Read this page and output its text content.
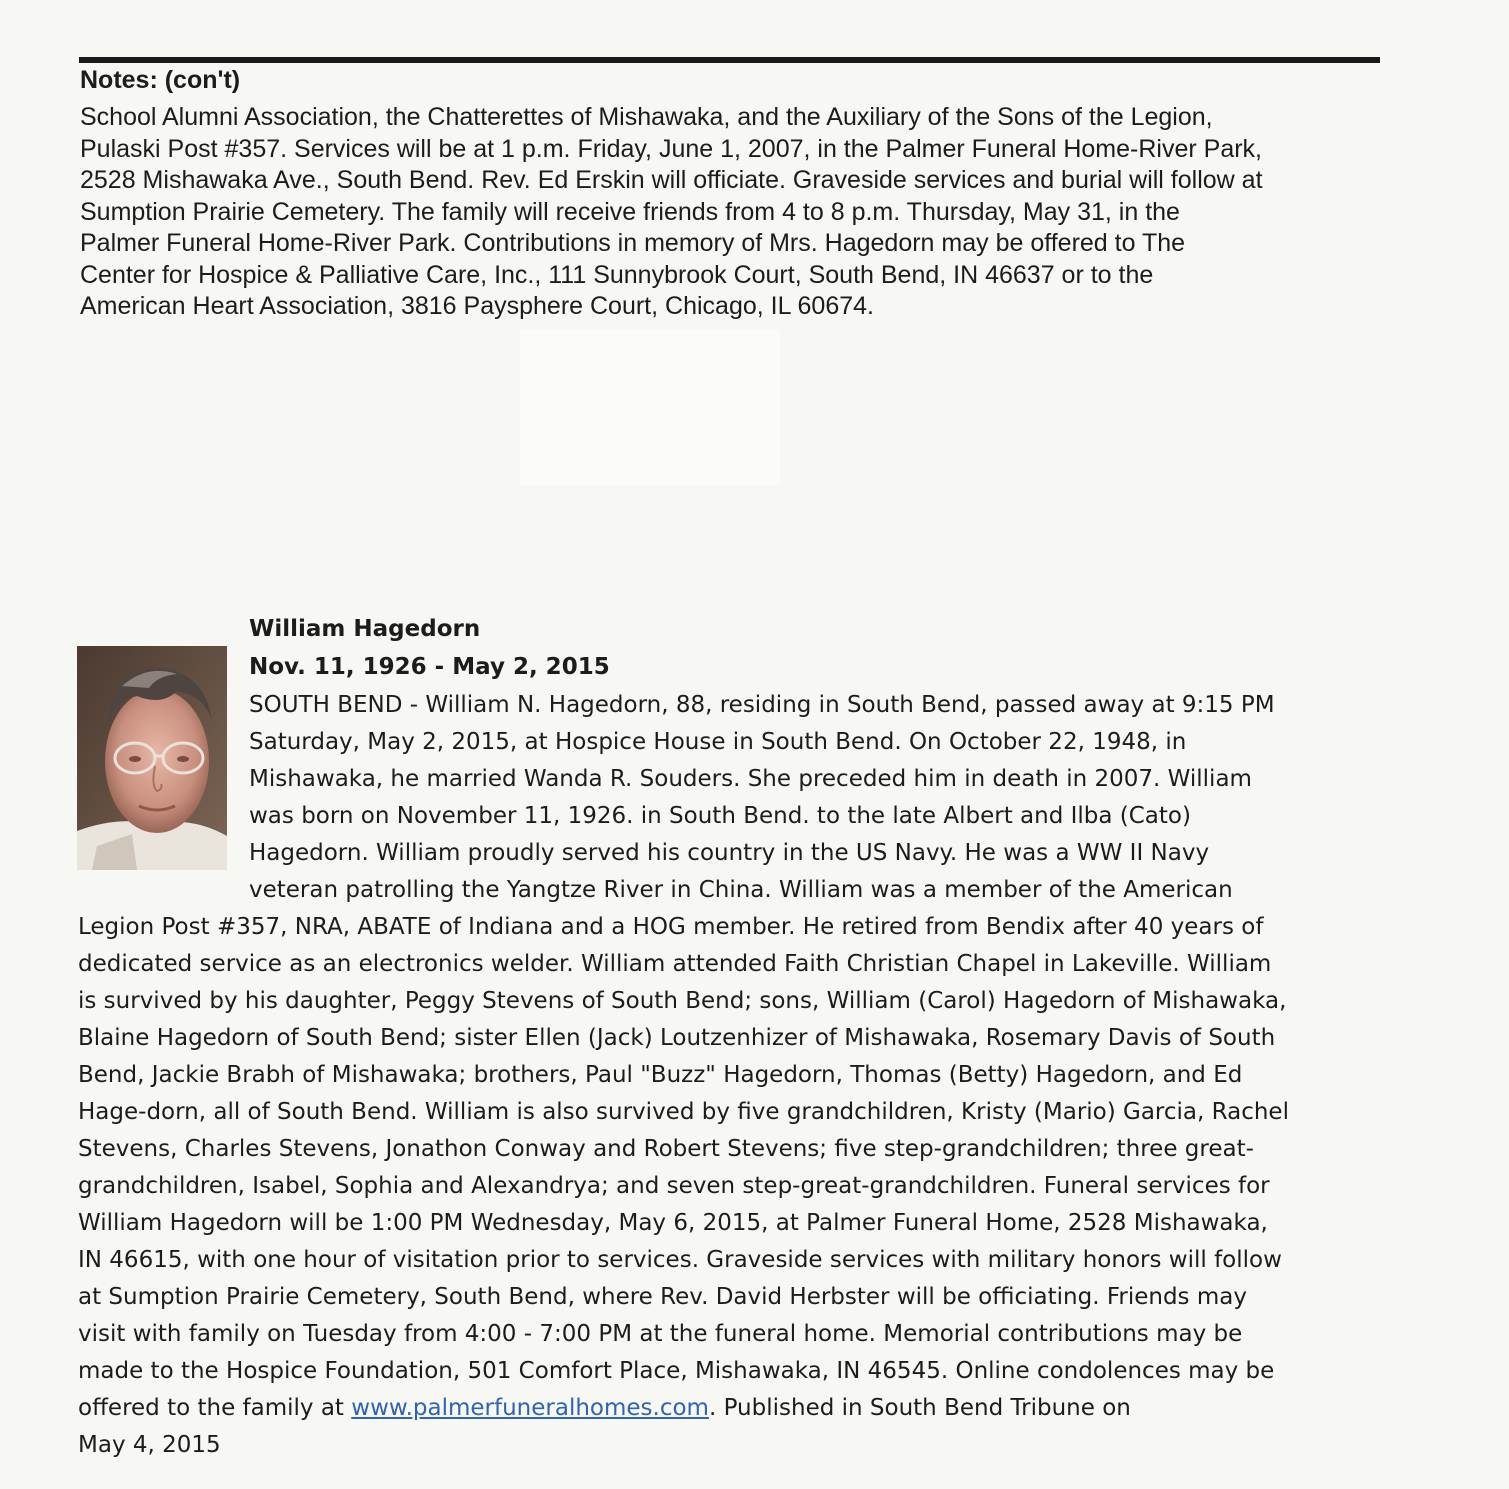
Notes: (con't)
School Alumni Association, the Chatterettes of Mishawaka, and the Auxiliary of the Sons of the Legion,
Pulaski Post #357. Services will be at 1 p.m. Friday, June 1, 2007, in the Palmer Funeral Home-River Park,
2528 Mishawaka Ave., South Bend. Rev. Ed Erskin will officiate. Graveside services and burial will follow at
Sumption Prairie Cemetery. The family will receive friends from 4 to 8 p.m. Thursday, May 31, in the
Palmer Funeral Home-River Park. Contributions in memory of Mrs. Hagedorn may be offered to The
Center for Hospice & Palliative Care, Inc., 111 Sunnybrook Court, South Bend, IN 46637 or to the
American Heart Association, 3816 Paysphere Court, Chicago, IL 60674.
William Hagedorn
Nov. 11, 1926 - May 2, 2015
SOUTH BEND - William N. Hagedorn, 88, residing in South Bend, passed away at 9:15 PM
Saturday, May 2, 2015, at Hospice House in South Bend. On October 22, 1948, in
Mishawaka, he married Wanda R. Souders. She preceded him in death in 2007. William
was born on November 11, 1926. in South Bend. to the late Albert and Ilba (Cato)
Hagedorn. William proudly served his country in the US Navy. He was a WW II Navy
veteran patrolling the Yangtze River in China. William was a member of the American
Legion Post #357, NRA, ABATE of Indiana and a HOG member. He retired from Bendix after 40 years of
dedicated service as an electronics welder. William attended Faith Christian Chapel in Lakeville. William
is survived by his daughter, Peggy Stevens of South Bend; sons, William (Carol) Hagedorn of Mishawaka,
Blaine Hagedorn of South Bend; sister Ellen (Jack) Loutzenhizer of Mishawaka, Rosemary Davis of South
Bend, Jackie Brabh of Mishawaka; brothers, Paul "Buzz" Hagedorn, Thomas (Betty) Hagedorn, and Ed
Hage-dorn, all of South Bend. William is also survived by five grandchildren, Kristy (Mario) Garcia, Rachel
Stevens, Charles Stevens, Jonathon Conway and Robert Stevens; five step-grandchildren; three great-
grandchildren, Isabel, Sophia and Alexandrya; and seven step-great-grandchildren. Funeral services for
William Hagedorn will be 1:00 PM Wednesday, May 6, 2015, at Palmer Funeral Home, 2528 Mishawaka,
IN 46615, with one hour of visitation prior to services. Graveside services with military honors will follow
at Sumption Prairie Cemetery, South Bend, where Rev. David Herbster will be officiating. Friends may
visit with family on Tuesday from 4:00 - 7:00 PM at the funeral home. Memorial contributions may be
made to the Hospice Foundation, 501 Comfort Place, Mishawaka, IN 46545. Online condolences may be
offered to the family at www.palmerfuneralhomes.com. Published in South Bend Tribune on
May 4, 2015
